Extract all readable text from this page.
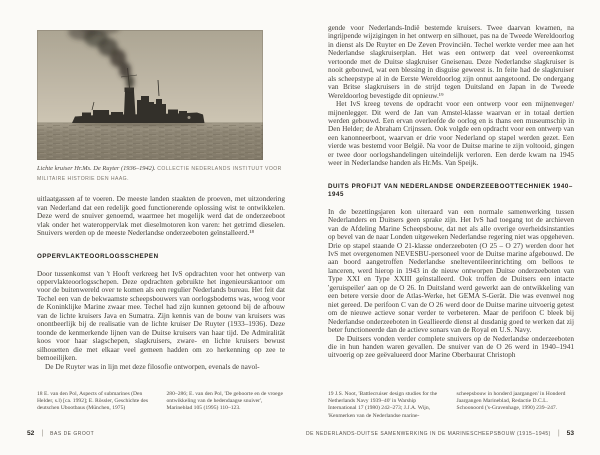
Lichte kruiser Hr.Ms. De Ruyter (1936–1942). COLLECTIE NEDERLANDS INSTITUUT VOOR MILITAIRE HISTORIE DEN HAAG.

uitlaatgassen af te voeren. De meeste landen staakten de proeven, met uitzondering van Nederland dat een redelijk goed functionerende oplossing wist te ontwikkelen. Deze werd de snuiver genoemd, waarmee het mogelijk werd dat de onderzeeboot vlak onder het wateroppervlak met dieselmotoren kon varen: het getrimd dieselen. Snuivers werden op de meeste Nederlandse onderzeeboten geïnstalleerd.¹⁸

OPPERVLAKTEOORLOGSSCHEPEN

Door tussenkomst van 't Hooft verkreeg het IvS opdrachten voor het ontwerp van oppervlakteoorlogsschepen. Deze opdrachten gebruikte het ingenieurskantoor om voor de buitenwereld over te komen als een regulier Nederlands bureau. Het feit dat Techel een van de bekwaamste scheepsbouwers van oorlogsbodems was, woog voor de Koninklijke Marine zwaar mee. Techel had zijn kunnen getoond bij de afbouw van de lichte kruisers Java en Sumatra. Zijn kennis van de bouw van kruisers was onontbeerlijk bij de realisatie van de lichte kruiser De Ruyter (1933–1936). Deze toonde de kenmerkende lijnen van de Duitse kruisers van haar tijd. De Admiralität koos voor haar slagschepen, slagkruisers, zware- en lichte kruisers bewust silhouetten die met elkaar veel gemeen hadden om zo herkenning op zee te bemoeilijken.

De De Ruyter was in lijn met deze filosofie ontworpen, evenals de navol-

gende voor Nederlands-Indië bestemde kruisers. Twee daarvan kwamen, na ingrijpende wijzigingen in het ontwerp en silhouet, pas na de Tweede Wereldoorlog in dienst als De Ruyter en De Zeven Provinciën. Techel werkte verder mee aan het Nederlandse slagkruiserplan. Het was een ontwerp dat veel overeenkomst vertoonde met de Duitse slagkruiser Gneisenau. Deze Nederlandse slagkruiser is nooit gebouwd, wat een blessing in disguise geweest is. In feite had de slagkruiser als scheepstype al in de Eerste Wereldoorlog zijn onnut aangetoond. De ondergang van Britse slagkruisers in de strijd tegen Duitsland en Japan in de Tweede Wereldoorlog bevestigde dit opnieuw.¹⁹

Het IvS kreeg tevens de opdracht voor een ontwerp voor een mijnenveger/ mijnenlegger. Dit werd de Jan van Amstel-klasse waarvan er in totaal dertien werden gebouwd. Een ervan overleefde de oorlog en is thans een museumschip in Den Helder; de Abraham Crijnssen. Ook volgde een opdracht voor een ontwerp van een kanonneerboot, waarvan er drie voor Nederland op stapel werden gezet. Een vierde was bestemd voor België. Na voor de Duitse marine te zijn voltooid, gingen er twee door oorlogshandelingen uiteindelijk verloren. Een derde kwam na 1945 weer in Nederlandse handen als Hr.Ms. Van Speijk.

DUITS PROFIJT VAN NEDERLANDSE ONDERZEEBOOTTECHNIEK 1940–1945

In de bezettingsjaren kon uiteraard van een normale samenwerking tussen Nederlanders en Duitsers geen sprake zijn. Het IvS had toegang tot de archieven van de Afdeling Marine Scheepsbouw, dat net als alle overige overheidsinstanties op bevel van de naar Londen uitgeweken Nederlandse regering niet was opgeheven. Drie op stapel staande O 21-klasse onderzeeboten (O 25 – O 27) werden door het IvS met overgenomen NEVESBU-personeel voor de Duitse marine afgebouwd. De aan boord aangetroffen Nederlandse snelteventileerinrichting om belloos te lanceren, werd hierop in 1943 in de nieuw ontworpen Duitse onderzeeboten van Type XXI en Type XXIII geïnstalleerd. Ook troffen de Duitsers een intacte 'geruispeiler' aan op de O 26. In Duitsland werd gewerkt aan de ontwikkeling van een betere versie door de Atlas-Werke, het GEMA S-Gerät. Die was evenwel nog niet gereed. De perifoon C van de O 26 werd door de Duitse marine uitvoerig getest om de nieuwe actieve sonar verder te verbeteren. Maar de perifoon C bleek bij Nederlandse onderzeeboten in Geallieerde dienst al dusdanig goed te werken dat zij beter functioneerde dan de actieve sonars van de Royal en U.S. Navy.

De Duitsers vonden verder complete snuivers op de Nederlandse onderzeeboten die in hun handen waren gevallen. De snuiver van de O 26 werd in 1940–1941 uitvoerig op zee geëvalueerd door Marine Oberbaurat Christoph

18 E. van den Pol, Aspects of submarines (Den Helder, s.l) [ca. 1992]; E. Rössler, Geschichte des deutschen Ubootbaus (München, 1975)
280–286; E. van den Pol, 'De geboorte en de vroege ontwikkeling van de hedendaagse snuiver', Marineblad 105 (1995) 110–123.
19 J.S. Noot, 'Battlecruiser design studies for the Netherlands Navy 1939–40' in Warship International 17 (1980) 242–273; J.J.A. Wijn, 'Kenmerken van de Nederlandse marine-
scheepsbouw in honderd jaargangen' in Honderd Jaargangen Marineblad, Redactie D.C.L. Schoonoord ('s-Gravenhage, 1990) 239–247.
52 | BAS DE GROOT	DE NEDERLANDS-DUITSE SAMENWERKING IN DE MARINESCHEEPSBOUW (1915–1945) | 53
